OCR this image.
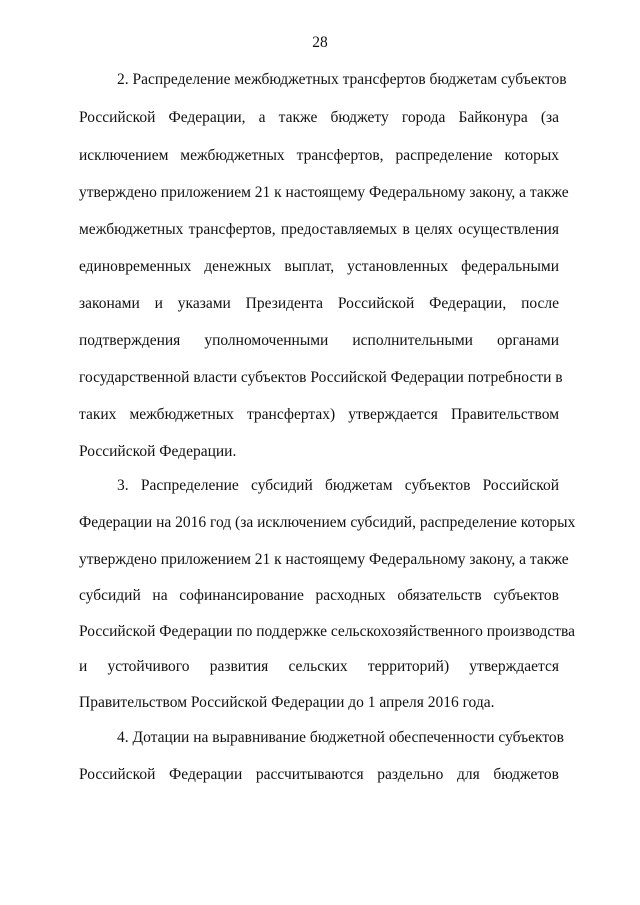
28
2. Распределение межбюджетных трансфертов бюджетам субъектов
Российской Федерации, а также бюджету города Байконура (за
исключением межбюджетных трансфертов, распределение которых
утверждено приложением 21 к настоящему Федеральному закону, а также
межбюджетных трансфертов, предоставляемых в целях осуществления
единовременных денежных выплат, установленных федеральными
законами и указами Президента Российской Федерации, после
подтверждения уполномоченными исполнительными органами
государственной власти субъектов Российской Федерации потребности в
таких межбюджетных трансфертах) утверждается Правительством
Российской Федерации.
3. Распределение субсидий бюджетам субъектов Российской
Федерации на 2016 год (за исключением субсидий, распределение которых
утверждено приложением 21 к настоящему Федеральному закону, а также
субсидий на софинансирование расходных обязательств субъектов
Российской Федерации по поддержке сельскохозяйственного производства
и устойчивого развития сельских территорий) утверждается
Правительством Российской Федерации до 1 апреля 2016 года.
4. Дотации на выравнивание бюджетной обеспеченности субъектов
Российской Федерации рассчитываются раздельно для бюджетов
